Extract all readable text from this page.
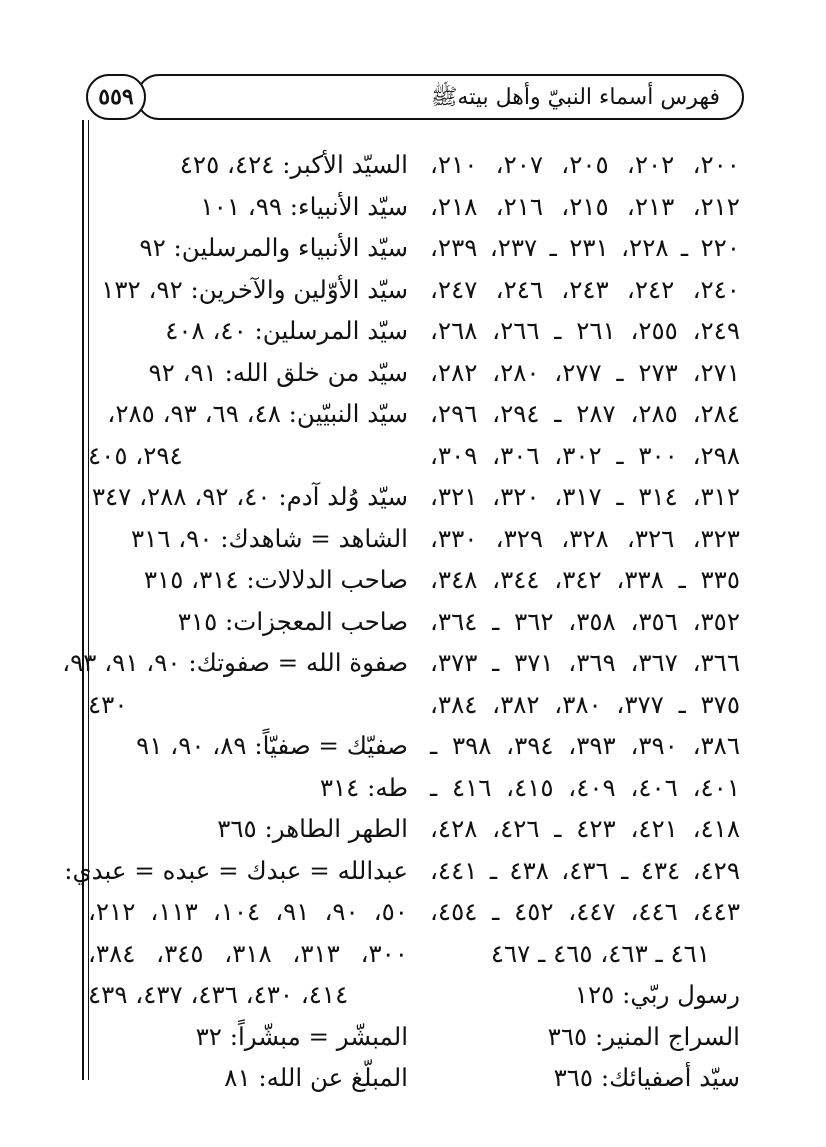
فهرس أسماء النبيّ وأهل بيتهﷺ
٥٥٩
٢٠٠، ٢٠٢، ٢٠٥، ٢٠٧، ٢١٠،
٢١٢، ٢١٣، ٢١٥، ٢١٦، ٢١٨،
٢٢٠ ـ ٢٢٨، ٢٣١ ـ ٢٣٧، ٢٣٩،
٢٤٠، ٢٤٢، ٢٤٣، ٢٤٦، ٢٤٧،
٢٤٩، ٢٥٥، ٢٦١ ـ ٢٦٦، ٢٦٨،
٢٧١، ٢٧٣ ـ ٢٧٧، ٢٨٠، ٢٨٢،
٢٨٤، ٢٨٥، ٢٨٧ ـ ٢٩٤، ٢٩٦،
٢٩٨، ٣٠٠ ـ ٣٠٢، ٣٠٦، ٣٠٩،
٣١٢، ٣١٤ ـ ٣١٧، ٣٢٠، ٣٢١،
٣٢٣، ٣٢٦، ٣٢٨، ٣٢٩، ٣٣٠،
٣٣٥ ـ ٣٣٨، ٣٤٢، ٣٤٤، ٣٤٨،
٣٥٢، ٣٥٦، ٣٥٨، ٣٦٢ ـ ٣٦٤،
٣٦٦، ٣٦٧، ٣٦٩، ٣٧١ ـ ٣٧٣،
٣٧٥ ـ ٣٧٧، ٣٨٠، ٣٨٢، ٣٨٤،
٣٨٦، ٣٩٠، ٣٩٣، ٣٩٤، ٣٩٨ ـ
٤٠١، ٤٠٦، ٤٠٩، ٤١٥، ٤١٦ ـ
٤١٨، ٤٢١، ٤٢٣ ـ ٤٢٦، ٤٢٨،
٤٢٩، ٤٣٤ ـ ٤٣٦، ٤٣٨ ـ ٤٤١،
٤٤٣، ٤٤٦، ٤٤٧، ٤٥٢ ـ ٤٥٤،
٤٦١ ـ ٤٦٣، ٤٦٥ ـ ٤٦٧
رسول ربّي: ١٢٥
السراج المنير: ٣٦٥
سيّد أصفيائك: ٣٦٥
السيّد الأكبر: ٤٢٤، ٤٢٥
سيّد الأنبياء: ٩٩، ١٠١
سيّد الأنبياء والمرسلين: ٩٢
سيّد الأوّلين والآخرين: ٩٢، ١٣٢
سيّد المرسلين: ٤٠، ٤٠٨
سيّد من خلق الله: ٩١، ٩٢
سيّد النبيّين: ٤٨، ٦٩، ٩٣، ٢٨٥،
٢٩٤، ٤٠٥
سيّد وُلد آدم: ٤٠، ٩٢، ٢٨٨، ٣٤٧
الشاهد = شاهدك: ٩٠، ٣١٦
صاحب الدلالات: ٣١٤، ٣١٥
صاحب المعجزات: ٣١٥
صفوة الله = صفوتك: ٩٠، ٩١، ٩٣،
٤٣٠
صفيّك = صفيّاً: ٨٩، ٩٠، ٩١
طه: ٣١٤
الطهر الطاهر: ٣٦٥
عبدالله = عبدك = عبده = عبدي:
٥٠، ٩٠، ٩١، ١٠٤، ١١٣، ٢١٢،
٣٠٠، ٣١٣، ٣١٨، ٣٤٥، ٣٨٤،
٤١٤، ٤٣٠، ٤٣٦، ٤٣٧، ٤٣٩
المبشّر = مبشّراً: ٣٢
المبلّغ عن الله: ٨١
